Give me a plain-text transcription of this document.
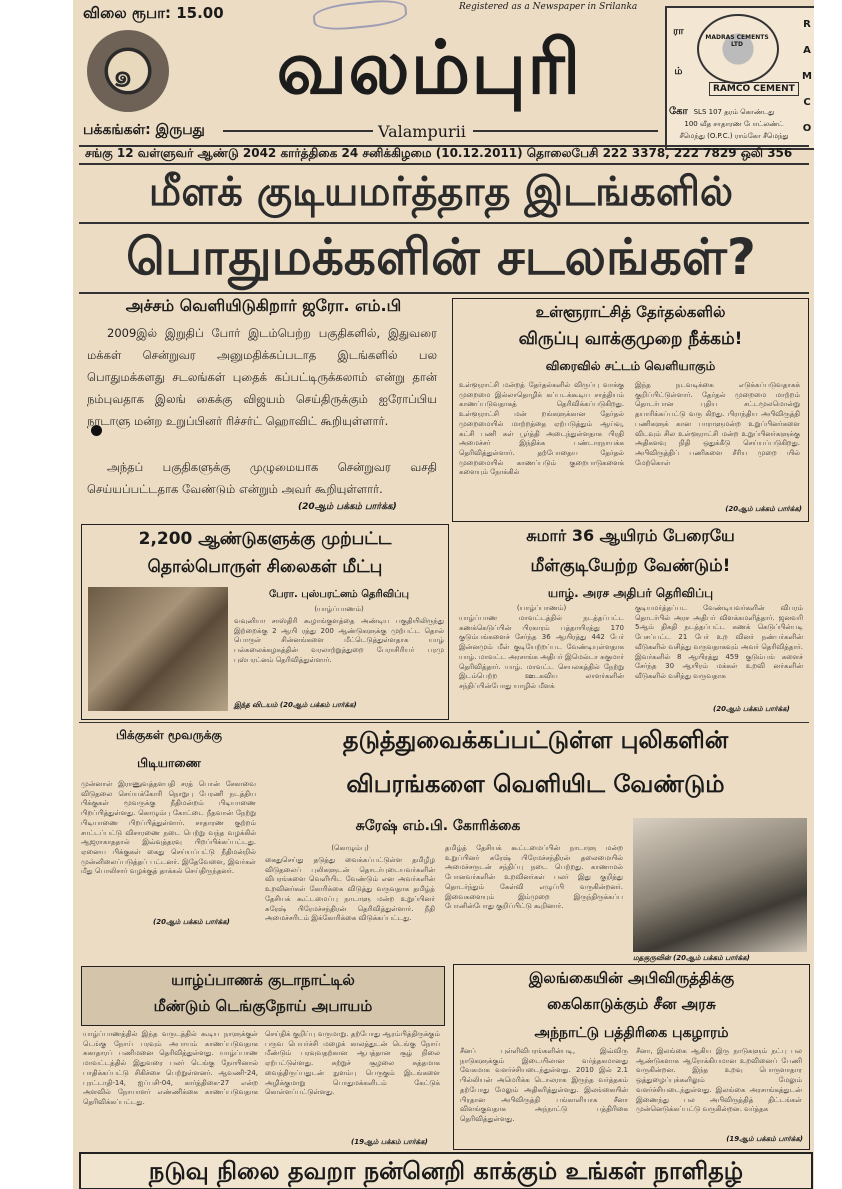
விலை ரூபா: 15.00	Registered as a Newspaper in Srilanka
๑	வலம்புரி	ரா
ம்
கோ
MADRAS CEMENTS LTD
RAMCO CEMENT
R
A
M
C
O
SLS 107 தரம் கொண்டது
100 வீத சாதாரண போட்லண்ட்
சீமெந்து (O.P.C.) ராம்கோ சீமெந்து
பக்கங்கள்: இருபது	Valampurii
சங்கு 12 வள்ளுவர் ஆண்டு 2042 கார்த்திகை 24 சனிக்கிழமை (10.12.2011) தொலைபேசி 222 3378, 222 7829 ஒலி 356
மீளக் குடியமர்த்தாத இடங்களில்
பொதுமக்களின் சடலங்கள்?
அச்சம் வெளியிடுகிறார் ஜரோ. எம்.பி
2009இல் இறுதிப் போர் இடம்பெற்ற பகுதிகளில், இதுவரை மக்கள் சென்றுவர அனுமதிக்கப்படாத இடங்களில் பல பொதுமக்களது சடலங்கள் புதைக் கப்பட்டிருக்கலாம் என்று தான் நம்புவதாக இலங் கைக்கு விஜயம் செய்திருக்கும் ஐரோப்பிய நாடாளு மன்ற உறுப்பினர் ரிச்சர்ட் ஹொவிட் கூறியுள்ளார்.
அந்தப் பகுதிகளுக்கு முழுமையாக சென்றுவர வசதி செய்யப்பட்டதாக வேண்டும் என்றும் அவர் கூறியுள்ளார்.
(20ஆம் பக்கம் பார்க்க)
உள்ளூராட்சித் தேர்தல்களில்
விருப்பு வாக்குமுறை நீக்கம்!
விரைவில் சட்டம் வெளியாகும்
உள்ளூராட்சி மன்றத் தேர்தல்களில் விருப்பு வாக்கு முறைமை இல்லாதொழிக் கப்படக்கூடிய சாத்தியம் காணப்படுவதாகத் தெரிவிக்கப்படுகிறது. உள்ளூராட்சி மன் றங்களுக்கான தேர்தல் முறைமையில் மாற்றத்தை ஏற்படுத்தும் ஆய்வு, கட்சி பணி கள் பூர்த்தி அடைந்துள்ளதாக பிரதி அமைச்சர் இந்திக்க பண்டாரநாயக்க தெரிவித்துள்ளார். தற்போதைய தேர்தல் முறைமையில் காணப்படும் குறைபாடுகளைக் களையும் நோக்கில்
இந்த நடவடிக்கை எடுக்கப்படுவதாகக் குறிப்பிட்டுள்ளார். தேர்தல் முறைமை மாற்றம் தொடர்பான புதிய சட்டமூலமொன்று தயாரிக்கப்பட்டு வரு கிறது. பிராந்திய அபிவிருத்தி பணிகளுக் கான பாராளுமன்ற உறுப்பினர்களை விடவும் சில உள்ளூராட்சி மன்ற உறுப்பினர்களுக்கு அதிகளவு நிதி ஒதுக்கீடு செய்யப்படுகிறது. அபிவிருத்திப் பணிகளை சீரிய முறை யில் மேற்கொள்
(20ஆம் பக்கம் பார்க்க)
2,200 ஆண்டுகளுக்கு முற்பட்ட
தொல்பொருள் சிலைகள் மீட்பு
பேரா. புஸ்பரட்னம் தெரிவிப்பு
(யாழ்ப்பாணம்)
வவுனியா சாஸ்திரி கூழாங்குளத்தை அண்டிய பகுதியிலிருந்து இற்றைக்கு 2 ஆயி ரத்து 200 ஆண்டுகளுக்கு முற்பட்ட தொல் பொருள் சின்னங்களை மீட்டெடுத்துள்ளதாக யாழ் பல்கலைக்கழகத்தின் வரலாற்றுத்துறை பேராசிரியர் பரமு புஸ்பரட்னம் தெரிவித்துள்ளார்.
இந்த விடயம் (20ஆம் பக்கம் பார்க்க)
சுமார் 36 ஆயிரம் பேரையே
மீள்குடியேற்ற வேண்டும்!
யாழ். அரச அதிபர் தெரிவிப்பு
(யாழ்ப்பாணம்)
யாழ்ப்பாண மாவட்டத்தில் நடத்தப்பட்ட கணக்கெடுப்பின் பிரகாரம் பத்தாயிரத்து 170 குடும்பங்களைச் சேர்ந்த 36 ஆயிரத்து 442 பேர் இன்னமும் மீள் குடியேற்றப்பட வேண்டியுள்ளதாக யாழ். மாவட்ட அரசாங்க அதிபர் இமெல்டா சுகுமார் தெரிவித்தார். யாழ். மாவட்ட செயலகத்தில் நேற்று இடம்பெற்ற ஊடகவிய லாளர்களின் சந்திப்பின்போது யாழில் மீளக்
குடியமர்த்தப்பட வேண்டியவர்களின் விபரம் தொடர்பில் அரச அதிபர் விளக்கமளித்தார். ஜனவரி 5ஆம் திகதி நடத்தப்பட்ட கணக் கெடுப்பின்படி பேசப்பட்ட 21 பேர் உற வினர் நண்பர்களின் வீடுகளில் வசித்து வருவதாகவும் அவர் தெரிவித்தார். இவர்களில் 8 ஆயிரத்து 459 குடும்பங் களைச் சேர்ந்த 30 ஆயிரம் மக்கள் உறவி னர்களின் வீடுகளில் வசித்து வருவதாக
(20ஆம் பக்கம் பார்க்க)
பிக்குகள் மூவருக்கு
பிடியாணை
முன்னாள் இராணுவத்தளபதி சரத் பொன் சேகாவை விடுதலை செய்யக்கோரி நொறுபு பேரணி நடத்திய பிக்குகள் மூவருக்கு நீதிமன்றம் பிடியாணை பிறப்பித்துள்ளது. கொழும்பு கோட்டை நீதவான் நேற்று பிடியாணை பிறப்பித்துள்ளார். சாதாரண குற்றம் சாட்டப்பட்டு விசாரணை நடை பெற்று வந்த வழக்கில் ஆஜராகாததால் இவ்வுத்தரவு பிறப்பிக்கப்பட்டது. ஏனைய பிக்குகள் கைது செய்யப்பட்டு நீதிமன்றில் முன்னிலைப்படுத்தப் பட்டனர். இதேவேளை, இவர்கள் மீது பொலிசார் வழக்குத் தாக்கல் செய்திருந்தனர்.
(20ஆம் பக்கம் பார்க்க)
தடுத்துவைக்கப்பட்டுள்ள புலிகளின்
விபரங்களை வெளியிட வேண்டும்
சுரேஷ் எம்.பி. கோரிக்கை
(கொழும்பு)
கைதுசெய்து தடுத்து வைக்கப்பட்டுள்ள தமிழீழ விடுதலைப் புலிகளுடன் தொடர்புடையவர்களின் விபரங்களை வெளியிட வேண்டும் என அவர்களின் உறவினர்கள் கோரிக்கை விடுத்து வருவதாக தமிழ்த் தேசியக் கூட்டமைப்பு நாடாளு மன்ற உறுப்பினர் சுரேஷ் பிரேமச்சந்திரன் தெரிவித்துள்ளார். நீதி அமைச்சரிடம் இக்கோரிக்கை விடுக்கப்பட்டது.
தமிழ்த் தேசியக் கூட்டமைப்பின் நாடாளு மன்ற உறுப்பினர் சுரேஷ் பிரேமச்சந்திரன் தலைமையில் அமைச்சருடன் சந்திப்பு நடை பெற்றது. காணாமல் போனவர்களின் உறவினர்கள் பலர் இது குறித்து தொடர்ந்தும் கேள்வி எழுப்பி வருகின்றனர். இவைகளையும் இம்முறை இருந்திருக்கப்ப போனின்போது குறிப்பிட்டு கூறினார்.
மதகுருவின் (20ஆம் பக்கம் பார்க்க)
யாழ்ப்பாணக் குடாநாட்டில்
மீண்டும் டெங்குநோய் அபாயம்
யாழ்ப்பாணத்தில் இந்த வருடத்தில் கூடிய நாளுக்குள் டெங்கு நோய் பரவும் அபாயம் காணப்படுவதாக சுகாதாரப் பணிமனை தெரிவித்துள்ளது. யாழ்ப்பாண மாவட்டத்தில் இதுவரை பலர் டெங்கு நோயினால் பாதிக்கப்பட்டு சிகிச்சை பெற்றுள்ளனர். ஆவணி-24, புரட்டாதி-14, ஐப்பசி-04, கார்த்திகை-27 என்ற அளவில் நோயாளர் எண்ணிக்கை காணப்படுவதாக தெரிவிக்கப்பட்டது.
செய்திக் குறிப்பு வருமாறு. தற்போது ஆரம்பித்திருக்கும் பருவ பெயர்ச்சி மழைக் காலத்துடன் டெங்கு நோய் மீண்டும் பரவுவதற்கான ஆபத்தான சூழ் நிலை ஏற்பட்டுள்ளது. சுற்றுச் சூழலை சுத்தமாக வைத்திருப்பதுடன் நுளம்பு பெருகும் இடங்களை அழிக்குமாறு பொதுமக்களிடம் கேட்டுக் கொள்ளப்பட்டுள்ளது.
(19ஆம் பக்கம் பார்க்க)
இலங்கையின் அபிவிருத்திக்கு
கைகொடுக்கும் சீன அரசு
அந்நாட்டு பத்திரிகை புகழாரம்
சீனப் புள்ளிவிபரங்களின்படி, இவ்விரு நாடுகளுக்கும் இடையிலான வர்த்தகமானது வேகமாக வளர்ச்சியடைந்துள்ளது. 2010 இல் 2.1 பில்லியன் அமெரிக்க டொலராக இருந்த வர்த்தகம் தற்போது மேலும் அதிகரித்துள்ளது. இலங்கையின் பிரதான அபிவிருத்தி பங்காளியாக சீனா விளங்குவதாக அந்நாட்டு பத்திரிகை தெரிவித்துள்ளது.
சீனா, இலங்கை ஆகிய இரு நாடுகளும் நட்பு பல ஆண்டுகளாக ஆரோக்கியமான உறவினைப் பேணி வருகின்றன. இந்த உறவு பொருளாதார ஒத்துழைப்புக்களிலும் மேலும் வளர்ச்சியடைந்துள்ளது. இலங்கை அரசாங்கத்துடன் இணைந்து பல அபிவிருத்தித் திட்டங்கள் முன்னெடுக்கப்பட்டு வருகின்றன. வர்த்தக
(19ஆம் பக்கம் பார்க்க)
நடுவு நிலை தவறா நன்னெறி காக்கும் உங்கள் நாளிதழ்
